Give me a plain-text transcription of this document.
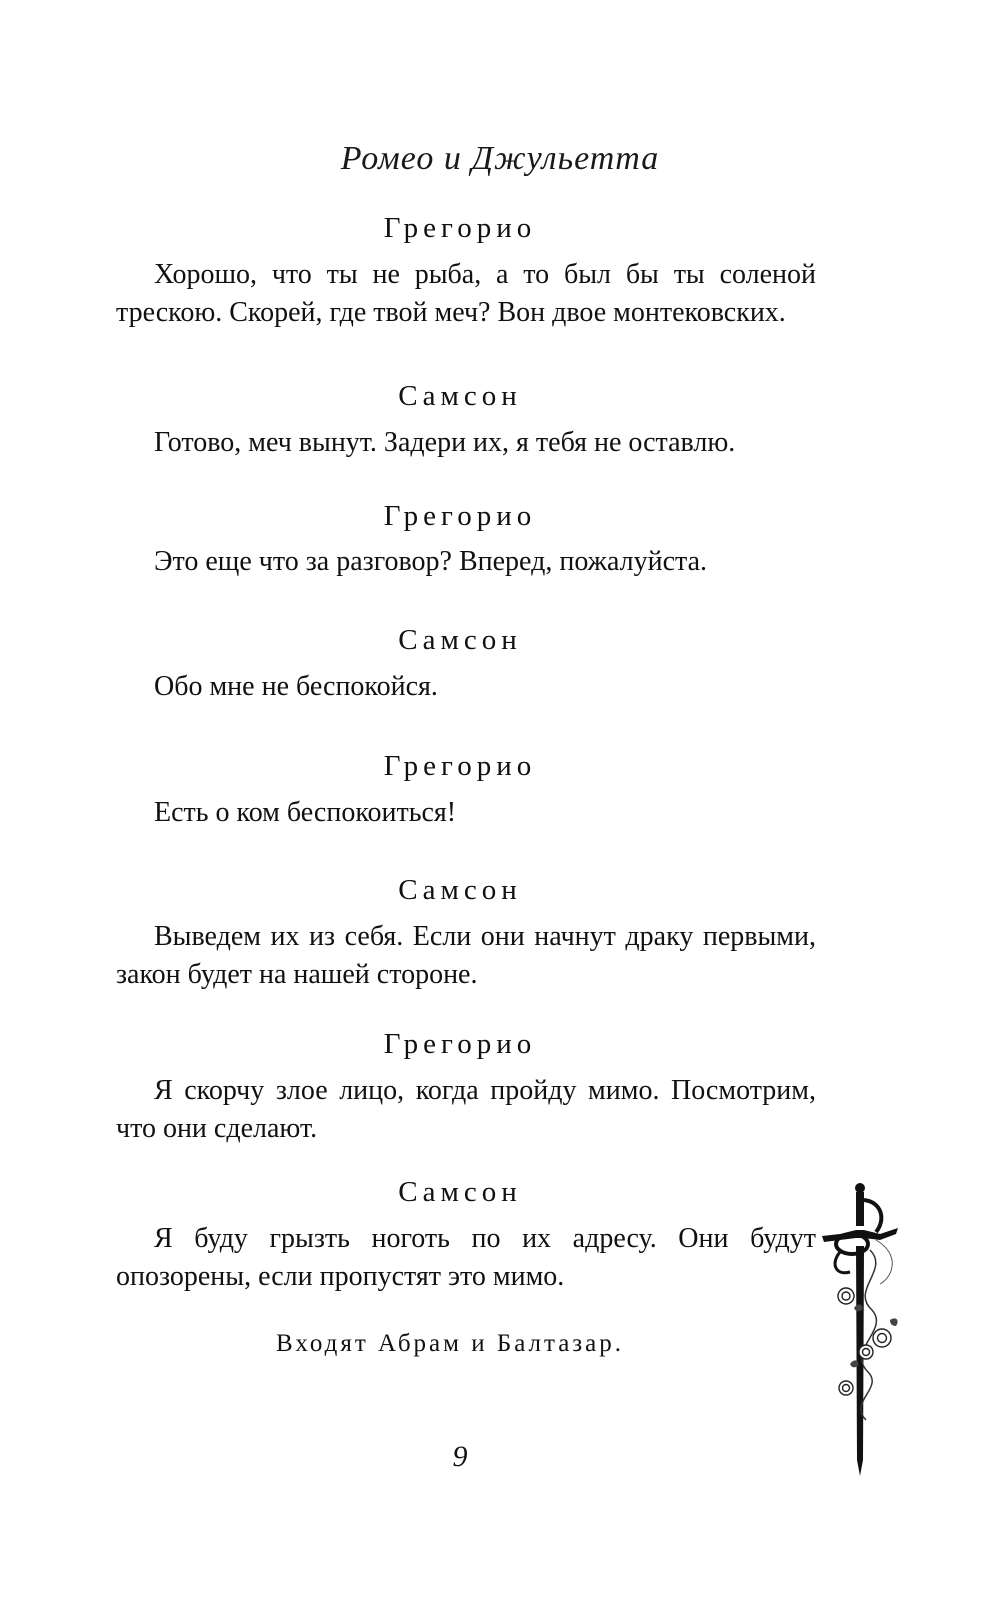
Ромео и Джульетта
Грегорио
Хорошо, что ты не рыба, а то был бы ты соленой трескою. Скорей, где твой меч? Вон двое монтековских.
Самсон
Готово, меч вынут. Задери их, я тебя не оставлю.
Грегорио
Это еще что за разговор? Вперед, пожалуйста.
Самсон
Обо мне не беспокойся.
Грегорио
Есть о ком беспокоиться!
Самсон
Выведем их из себя. Если они начнут драку первыми, закон будет на нашей стороне.
Грегорио
Я скорчу злое лицо, когда пройду мимо. Посмотрим, что они сделают.
Самсон
Я буду грызть ноготь по их адресу. Они будут опозорены, если пропустят это мимо.
Входят Абрам и Балтазар.
9
